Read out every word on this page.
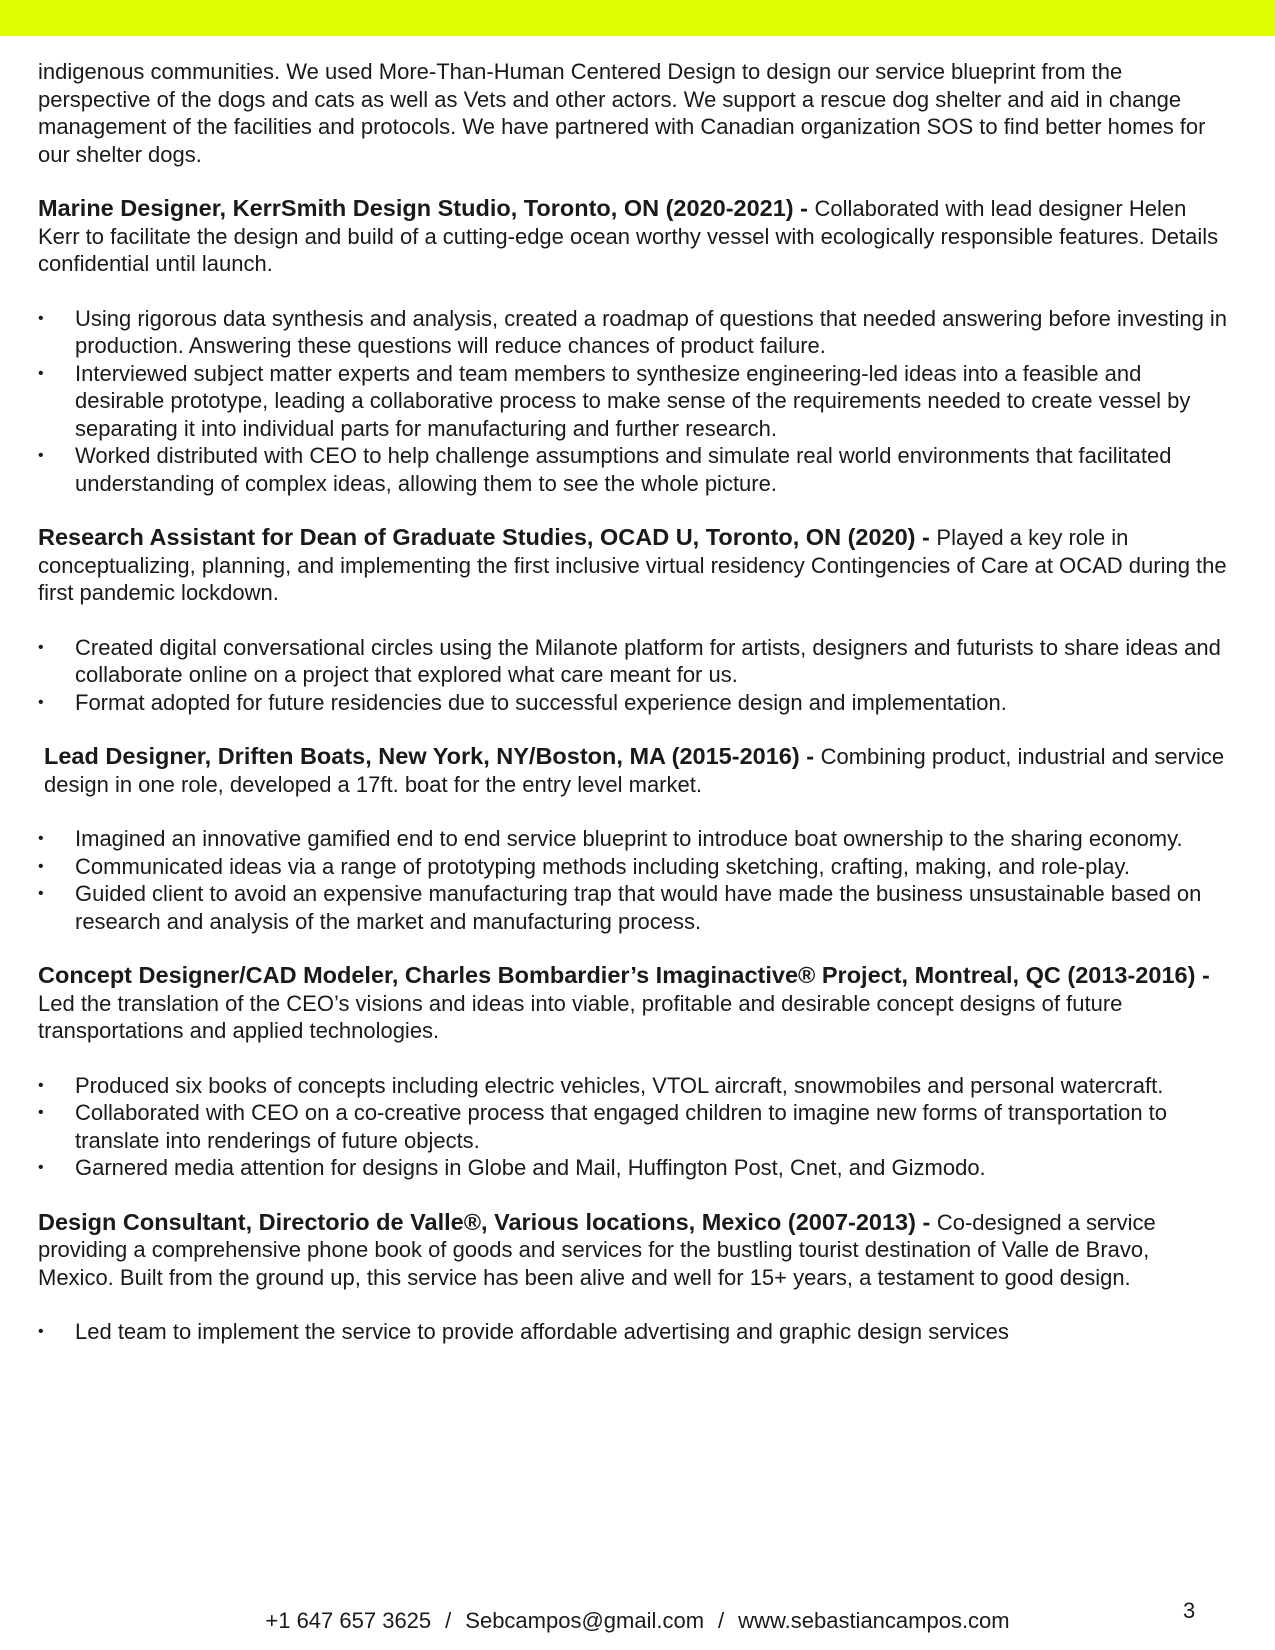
indigenous communities. We used More-Than-Human Centered Design to design our service blueprint from the perspective of the dogs and cats as well as Vets and other actors. We support a rescue dog shelter and aid in change management of the facilities and protocols. We have partnered with Canadian organization SOS to find better homes for our shelter dogs.

Marine Designer, KerrSmith Design Studio, Toronto, ON (2020-2021) - Collaborated with lead designer Helen Kerr to facilitate the design and build of a cutting-edge ocean worthy vessel with ecologically responsible features. Details confidential until launch.

• Using rigorous data synthesis and analysis, created a roadmap of questions that needed answering before investing in production. Answering these questions will reduce chances of product failure.
• Interviewed subject matter experts and team members to synthesize engineering-led ideas into a feasible and desirable prototype, leading a collaborative process to make sense of the requirements needed to create vessel by separating it into individual parts for manufacturing and further research.
• Worked distributed with CEO to help challenge assumptions and simulate real world environments that facilitated understanding of complex ideas, allowing them to see the whole picture.

Research Assistant for Dean of Graduate Studies, OCAD U, Toronto, ON (2020) - Played a key role in conceptualizing, planning, and implementing the first inclusive virtual residency Contingencies of Care at OCAD during the first pandemic lockdown.

• Created digital conversational circles using the Milanote platform for artists, designers and futurists to share ideas and collaborate online on a project that explored what care meant for us.
• Format adopted for future residencies due to successful experience design and implementation.

Lead Designer, Driften Boats, New York, NY/Boston, MA (2015-2016) - Combining product, industrial and service design in one role, developed a 17ft. boat for the entry level market.

• Imagined an innovative gamified end to end service blueprint to introduce boat ownership to the sharing economy.
• Communicated ideas via a range of prototyping methods including sketching, crafting, making, and role-play.
• Guided client to avoid an expensive manufacturing trap that would have made the business unsustainable based on research and analysis of the market and manufacturing process.

Concept Designer/CAD Modeler, Charles Bombardier’s Imaginactive® Project, Montreal, QC (2013-2016) - Led the translation of the CEO’s visions and ideas into viable, profitable and desirable concept designs of future transportations and applied technologies.

• Produced six books of concepts including electric vehicles, VTOL aircraft, snowmobiles and personal watercraft.
• Collaborated with CEO on a co-creative process that engaged children to imagine new forms of transportation to translate into renderings of future objects.
• Garnered media attention for designs in Globe and Mail, Huffington Post, Cnet, and Gizmodo.

Design Consultant, Directorio de Valle®, Various locations, Mexico (2007-2013) - Co-designed a service providing a comprehensive phone book of goods and services for the bustling tourist destination of Valle de Bravo, Mexico. Built from the ground up, this service has been alive and well for 15+ years, a testament to good design.

• Led team to implement the service to provide affordable advertising and graphic design services
+1 647 657 3625 / Sebcampos@gmail.com / www.sebastiancampos.com	3
